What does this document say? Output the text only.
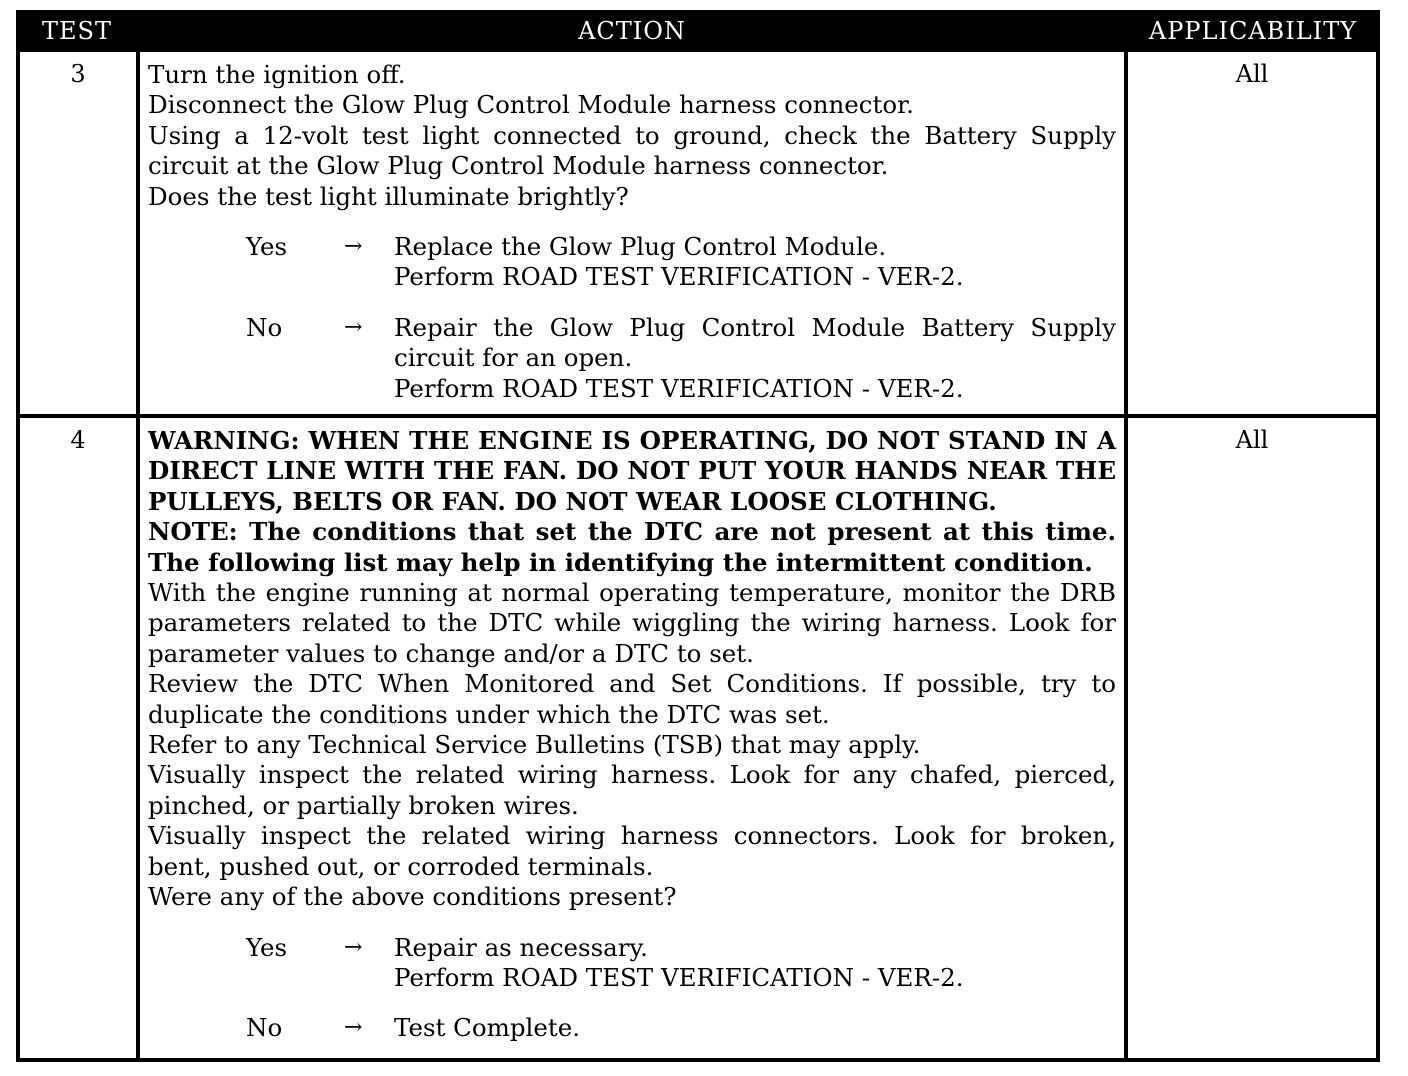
TEST	ACTION	APPLICABILITY
3	Turn the ignition off.

Disconnect the Glow Plug Control Module harness connector.

Using a 12-volt test light connected to ground, check the Battery Supply circuit at the Glow Plug Control Module harness connector.

Does the test light illuminate brightly?

Yes	→	Replace the Glow Plug Control Module.
Perform ROAD TEST VERIFICATION - VER-2.
No	→	Repair the Glow Plug Control Module Battery Supply circuit for an open.
Perform ROAD TEST VERIFICATION - VER-2.
All
4	WARNING: WHEN THE ENGINE IS OPERATING, DO NOT STAND IN A DIRECT LINE WITH THE FAN. DO NOT PUT YOUR HANDS NEAR THE PULLEYS, BELTS OR FAN. DO NOT WEAR LOOSE CLOTHING.

NOTE: The conditions that set the DTC are not present at this time. The following list may help in identifying the intermittent condition.

With the engine running at normal operating temperature, monitor the DRB parameters related to the DTC while wiggling the wiring harness. Look for parameter values to change and/or a DTC to set.

Review the DTC When Monitored and Set Conditions. If possible, try to duplicate the conditions under which the DTC was set.

Refer to any Technical Service Bulletins (TSB) that may apply.

Visually inspect the related wiring harness. Look for any chafed, pierced, pinched, or partially broken wires.

Visually inspect the related wiring harness connectors. Look for broken, bent, pushed out, or corroded terminals.

Were any of the above conditions present?

Yes	→	Repair as necessary.
Perform ROAD TEST VERIFICATION - VER-2.
No	→	Test Complete.
All
